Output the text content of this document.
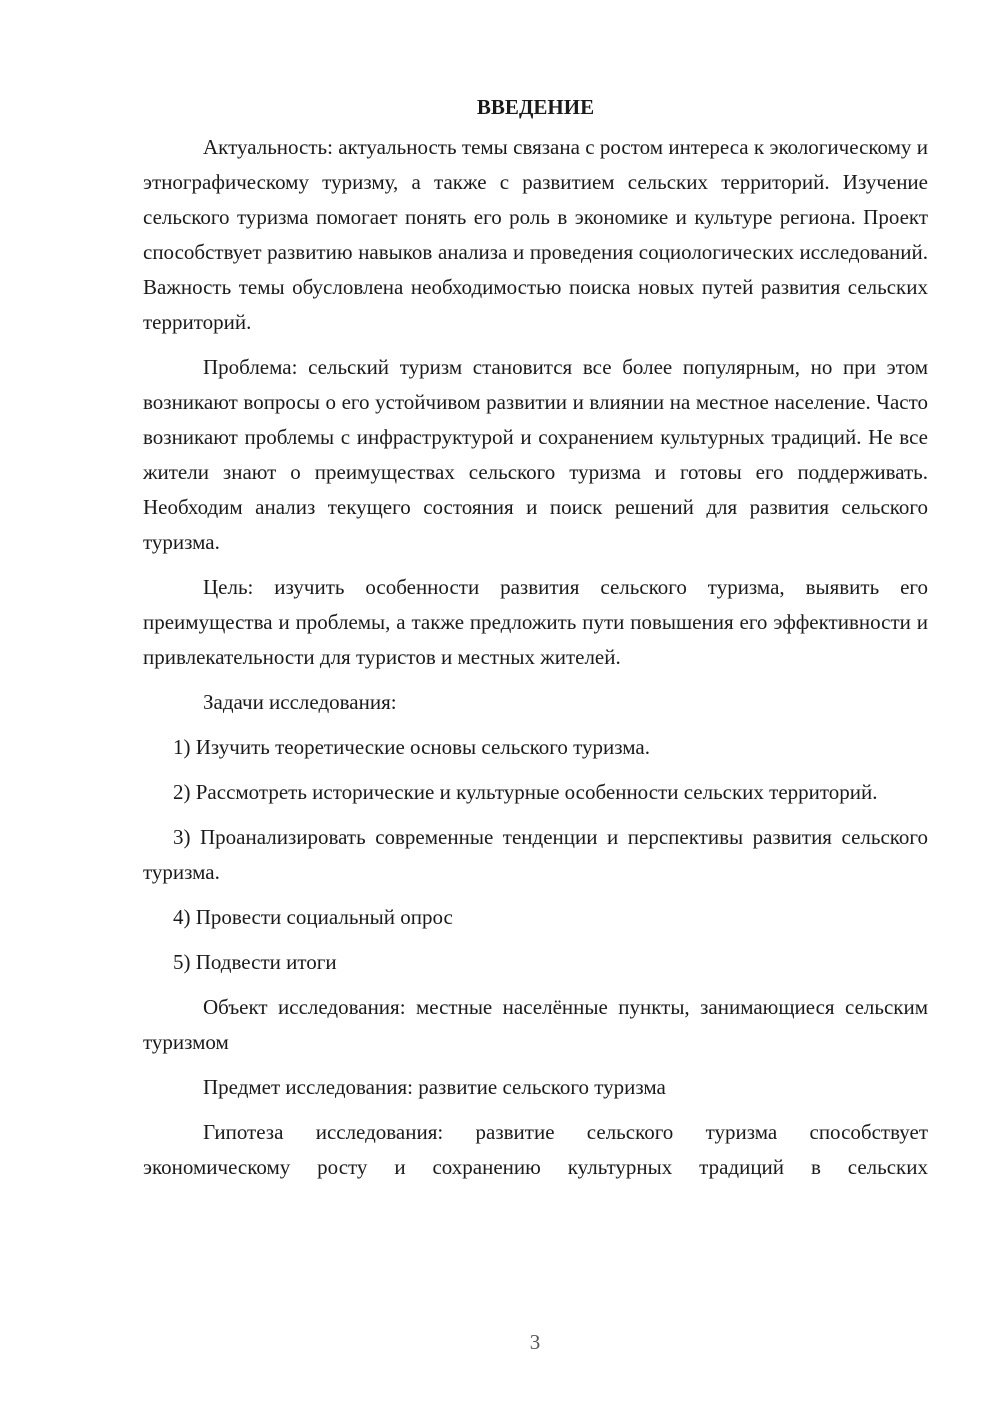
ВВЕДЕНИЕ

Актуальность: актуальность темы связана с ростом интереса к экологическому и этнографическому туризму, а также с развитием сельских территорий. Изучение сельского туризма помогает понять его роль в экономике и культуре региона. Проект способствует развитию навыков анализа и проведения социологических исследований. Важность темы обусловлена необходимостью поиска новых путей развития сельских территорий.

Проблема: сельский туризм становится все более популярным, но при этом возникают вопросы о его устойчивом развитии и влиянии на местное население. Часто возникают проблемы с инфраструктурой и сохранением культурных традиций. Не все жители знают о преимуществах сельского туризма и готовы его поддерживать. Необходим анализ текущего состояния и поиск решений для развития сельского туризма.

Цель: изучить особенности развития сельского туризма, выявить его преимущества и проблемы, а также предложить пути повышения его эффективности и привлекательности для туристов и местных жителей.

Задачи исследования:

1) Изучить теоретические основы сельского туризма.

2) Рассмотреть исторические и культурные особенности сельских территорий.

3) Проанализировать современные тенденции и перспективы развития сельского туризма.

4) Провести социальный опрос

5) Подвести итоги

Объект исследования: местные населённые пункты, занимающиеся сельским туризмом

Предмет исследования: развитие сельского туризма

Гипотеза исследования: развитие сельского туризма способствует экономическому росту и сохранению культурных традиций в сельских

3
